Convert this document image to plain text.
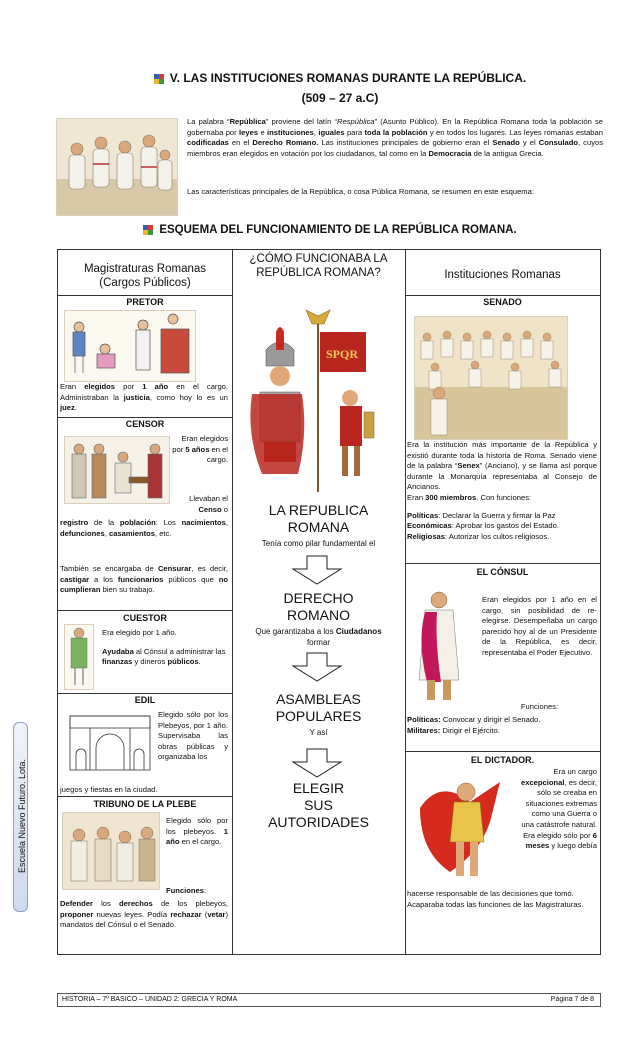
V. LAS INSTITUCIONES ROMANAS DURANTE LA REPÚBLICA.
(509 – 27 a.C)
La palabra “República” proviene del latín “Respública” (Asunto Público). En la República Romana toda la población se gobernaba por leyes e instituciones, iguales para toda la población y en todos los lugares. Las leyes romanas estaban codificadas en el Derecho Romano. Las instituciones principales de gobierno eran el Senado y el Consulado, cuyos miembros eran elegidos en votación por los ciudadanos, tal como en la Democracia de la antigua Grecia.
Las características principales de la República, o cosa Pública Romana, se resumen en este esquema:
ESQUEMA DEL FUNCIONAMIENTO DE LA REPÚBLICA ROMANA.
Magistraturas Romanas
(Cargos Públicos)
¿CÓMO FUNCIONABA LA
REPÚBLICA ROMANA?	Instituciones Romanas
PRETOR
Eran elegidos por 1 año en el cargo. Administraban la justicia, como hoy lo es un juez.
CENSOR
Eran elegidos por 5 años en el cargo.
Llevaban el Censo o
registro de la población: Los nacimientos, defunciones, casamientos, etc.
También se encargaba de Censurar, es decir, castigar a los funcionarios públicos que no cumplieran bien su trabajo.
CUESTOR
Era elegido por 1 año.
Ayudaba al Cónsul a administrar las finanzas y dineros públicos.
EDIL
Elegido sólo por los Plebeyos, por 1 año. Supervisaba las obras públicas y organizaba los
juegos y fiestas en la ciudad.
TRIBUNO DE LA PLEBE
Elegido sólo por los plebeyos. 1 año en el cargo.
Funciones:
Defender los derechos de los plebeyos, proponer nuevas leyes. Podía rechazar (vetar) mandatos del Cónsul o el Senado.
SPQR
LA REPUBLICA
ROMANA
Tenía como pilar fundamental el
DERECHO
ROMANO
Que garantizaba a los Ciudadanos
formar
ASAMBLEAS
POPULARES
Y así
ELEGIR
SUS
AUTORIDADES
SENADO
Era la institución más importante de la República y existió durante toda la historia de Roma. Senado viene de la palabra “Senex” (Anciano), y se llama así porque durante la Monarquía representaba al Consejo de Ancianos.
Eran 300 miembros. Con funciones:
Políticas: Declarar la Guerra y firmar la Paz
Económicas: Aprobar los gastos del Estado.
Religiosas: Autorizar los cultos religiosos.
EL CÓNSUL
Eran elegidos por 1 año en el cargo, sin posibilidad de re-elegirse. Desempeñaba un cargo parecido hoy al de un Presidente de la República, es decir, representaba el Poder Ejecutivo.
Funciones:
Políticas: Convocar y dirigir el Senado.
Militares: Dirigir el Ejército.
EL DICTADOR.
Era un cargo excepcional, es decir, sólo se creaba en situaciones extremas como una Guerra o una catástrofe natural. Era elegido sólo por 6 meses y luego debía
hacerse responsable de las decisiones que tomó.
Acaparaba todas las funciones de las Magistraturas.
Escuela Nuevo Futuro. Lota.
HISTORIA – 7º BASICO – UNIDAD 2: GRECIA Y ROMA	Página 7 de 8
